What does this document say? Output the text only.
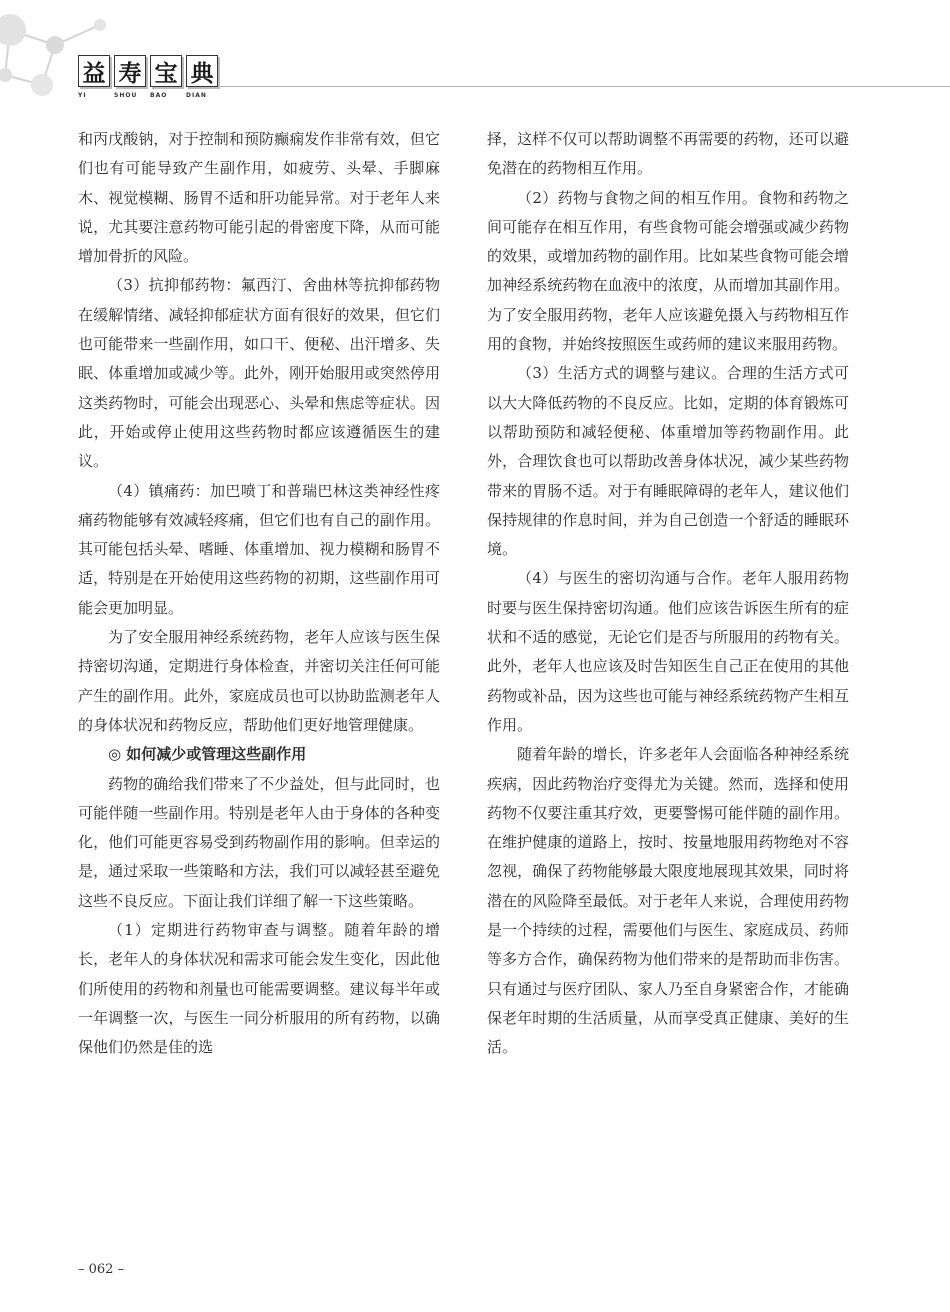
益 寿 宝 典
YI	SHOU	BAO	DIAN

和丙戊酸钠，对于控制和预防癫痫发作非常有效，但它们也有可能导致产生副作用，如疲劳、头晕、手脚麻木、视觉模糊、肠胃不适和肝功能异常。对于老年人来说，尤其要注意药物可能引起的骨密度下降，从而可能增加骨折的风险。

（3）抗抑郁药物：氟西汀、舍曲林等抗抑郁药物在缓解情绪、减轻抑郁症状方面有很好的效果，但它们也可能带来一些副作用，如口干、便秘、出汗增多、失眠、体重增加或减少等。此外，刚开始服用或突然停用这类药物时，可能会出现恶心、头晕和焦虑等症状。因此，开始或停止使用这些药物时都应该遵循医生的建议。

（4）镇痛药：加巴喷丁和普瑞巴林这类神经性疼痛药物能够有效减轻疼痛，但它们也有自己的副作用。其可能包括头晕、嗜睡、体重增加、视力模糊和肠胃不适，特别是在开始使用这些药物的初期，这些副作用可能会更加明显。

为了安全服用神经系统药物，老年人应该与医生保持密切沟通，定期进行身体检查，并密切关注任何可能产生的副作用。此外，家庭成员也可以协助监测老年人的身体状况和药物反应，帮助他们更好地管理健康。

◎ 如何减少或管理这些副作用

药物的确给我们带来了不少益处，但与此同时，也可能伴随一些副作用。特别是老年人由于身体的各种变化，他们可能更容易受到药物副作用的影响。但幸运的是，通过采取一些策略和方法，我们可以减轻甚至避免这些不良反应。下面让我们详细了解一下这些策略。

（1）定期进行药物审查与调整。随着年龄的增长，老年人的身体状况和需求可能会发生变化，因此他们所使用的药物和剂量也可能需要调整。建议每半年或一年调整一次，与医生一同分析服用的所有药物，以确保他们仍然是佳的选

择，这样不仅可以帮助调整不再需要的药物，还可以避免潜在的药物相互作用。

（2）药物与食物之间的相互作用。食物和药物之间可能存在相互作用，有些食物可能会增强或减少药物的效果，或增加药物的副作用。比如某些食物可能会增加神经系统药物在血液中的浓度，从而增加其副作用。为了安全服用药物，老年人应该避免摄入与药物相互作用的食物，并始终按照医生或药师的建议来服用药物。

（3）生活方式的调整与建议。合理的生活方式可以大大降低药物的不良反应。比如，定期的体育锻炼可以帮助预防和减轻便秘、体重增加等药物副作用。此外，合理饮食也可以帮助改善身体状况，减少某些药物带来的胃肠不适。对于有睡眠障碍的老年人，建议他们保持规律的作息时间，并为自己创造一个舒适的睡眠环境。

（4）与医生的密切沟通与合作。老年人服用药物时要与医生保持密切沟通。他们应该告诉医生所有的症状和不适的感觉，无论它们是否与所服用的药物有关。此外，老年人也应该及时告知医生自己正在使用的其他药物或补品，因为这些也可能与神经系统药物产生相互作用。

随着年龄的增长，许多老年人会面临各种神经系统疾病，因此药物治疗变得尤为关键。然而，选择和使用药物不仅要注重其疗效，更要警惕可能伴随的副作用。在维护健康的道路上，按时、按量地服用药物绝对不容忽视，确保了药物能够最大限度地展现其效果，同时将潜在的风险降至最低。对于老年人来说，合理使用药物是一个持续的过程，需要他们与医生、家庭成员、药师等多方合作，确保药物为他们带来的是帮助而非伤害。只有通过与医疗团队、家人乃至自身紧密合作，才能确保老年时期的生活质量，从而享受真正健康、美好的生活。

– 062 –
